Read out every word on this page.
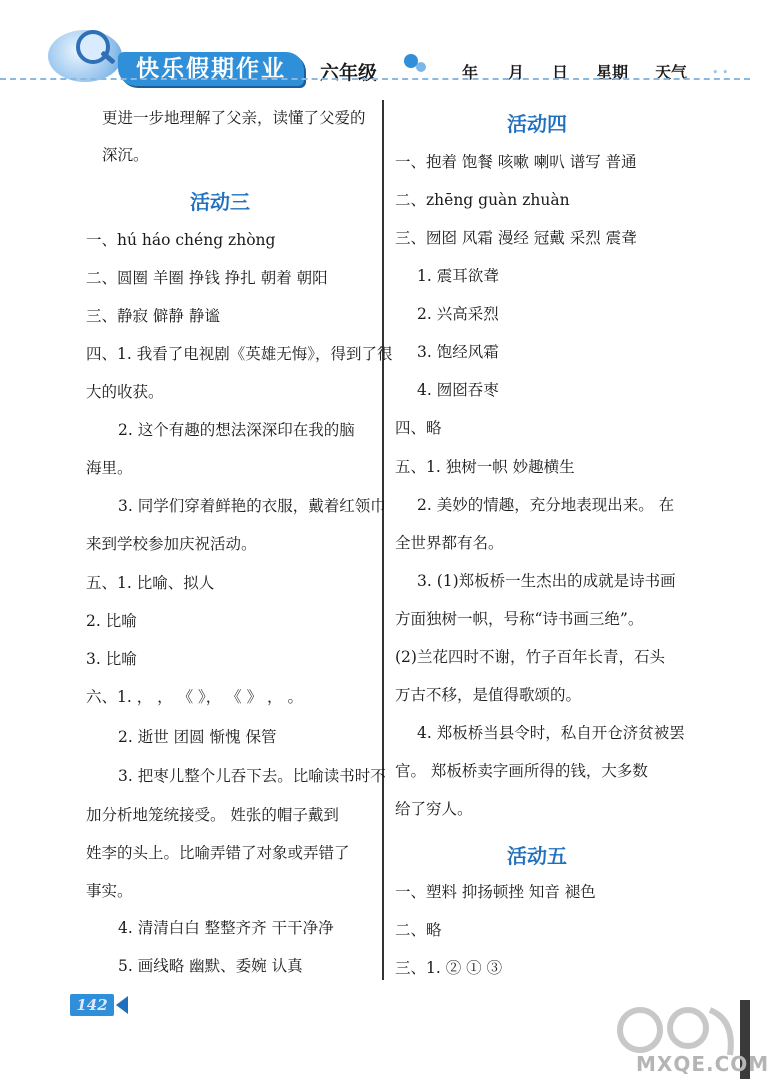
快乐假期作业	六年级	年 月 日 星期 天气 • •
更进一步地理解了父亲，读懂了父爱的
深沉。
活动三
一、hú háo chéng zhòng
二、圆圈 羊圈 挣钱 挣扎 朝着 朝阳
三、静寂 僻静 静谧
四、1. 我看了电视剧《英雄无悔》，得到了很
大的收获。
2. 这个有趣的想法深深印在我的脑
海里。
3. 同学们穿着鲜艳的衣服，戴着红领巾
来到学校参加庆祝活动。
五、1. 比喻、拟人
2. 比喻
3. 比喻
六、1. ， ， 《 》， 《 》 ， 。
2. 逝世 团圆 惭愧 保管
3. 把枣儿整个儿吞下去。比喻读书时不
加分析地笼统接受。 姓张的帽子戴到
姓李的头上。比喻弄错了对象或弄错了
事实。
4. 清清白白 整整齐齐 干干净净
5. 画线略 幽默、委婉 认真
活动四
一、抱着 饱餐 咳嗽 喇叭 谱写 普通
二、zhēng guàn zhuàn
三、囫囵 风霜 漫经 冠戴 采烈 震聋
1. 震耳欲聋
2. 兴高采烈
3. 饱经风霜
4. 囫囵吞枣
四、略
五、1. 独树一帜 妙趣横生
2. 美妙的情趣，充分地表现出来。 在
全世界都有名。
3. (1)郑板桥一生杰出的成就是诗书画
方面独树一帜，号称“诗书画三绝”。
(2)兰花四时不谢，竹子百年长青，石头
万古不移，是值得歌颂的。
4. 郑板桥当县令时，私自开仓济贫被罢
官。 郑板桥卖字画所得的钱，大多数
给了穷人。
活动五
一、塑料 抑扬顿挫 知音 褪色
二、略
三、1. ② ① ③
142
MXQE.COM
